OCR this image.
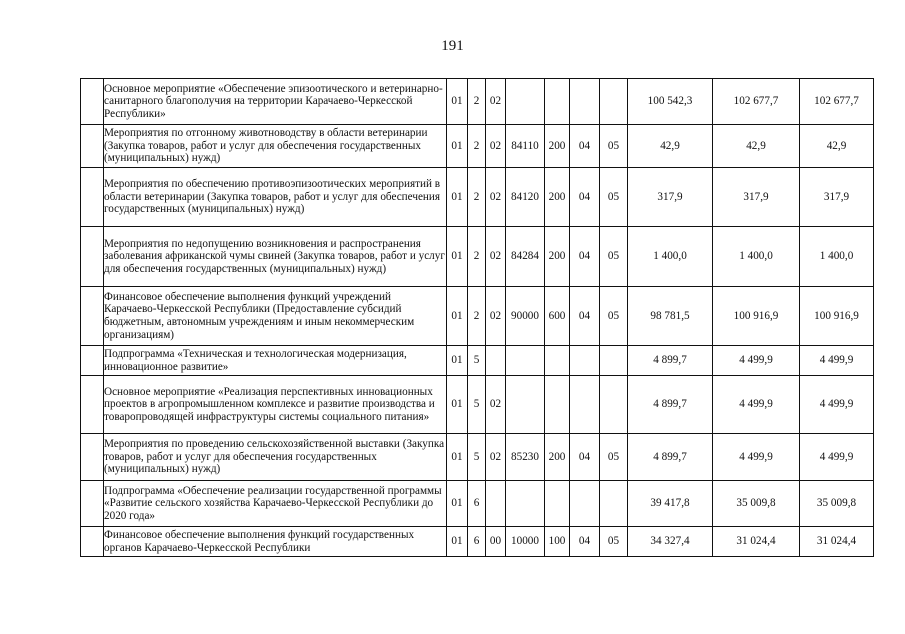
191
	Основное мероприятие «Обеспечение эпизоотического и ветеринарно-санитарного благополучия на территории Карачаево-Черкесской Республики»	01	2	02					100 542,3	102 677,7	102 677,7
	Мероприятия по отгонному животноводству в области ветеринарии (Закупка товаров, работ и услуг для обеспечения государственных (муниципальных) нужд)	01	2	02	84110	200	04	05	42,9	42,9	42,9
	Мероприятия по обеспечению противоэпизоотических мероприятий в области ветеринарии (Закупка товаров, работ и услуг для обеспечения государственных (муниципальных) нужд)	01	2	02	84120	200	04	05	317,9	317,9	317,9
	Мероприятия по недопущению возникновения и распространения заболевания африканской чумы свиней (Закупка товаров, работ и услуг для обеспечения государственных (муниципальных) нужд)	01	2	02	84284	200	04	05	1 400,0	1 400,0	1 400,0
	Финансовое обеспечение выполнения функций учреждений Карачаево-Черкесской Республики (Предоставление субсидий бюджетным, автономным учреждениям и иным некоммерческим организациям)	01	2	02	90000	600	04	05	98 781,5	100 916,9	100 916,9
	Подпрограмма «Техническая и технологическая модернизация, инновационное развитие»	01	5						4 899,7	4 499,9	4 499,9
	Основное мероприятие «Реализация перспективных инновационных проектов в агропромышленном комплексе и развитие производства и товаропроводящей инфраструктуры системы социального питания»	01	5	02					4 899,7	4 499,9	4 499,9
	Мероприятия по проведению сельскохозяйственной выставки (Закупка товаров, работ и услуг для обеспечения государственных (муниципальных) нужд)	01	5	02	85230	200	04	05	4 899,7	4 499,9	4 499,9
	Подпрограмма «Обеспечение реализации государственной программы «Развитие сельского хозяйства Карачаево-Черкесской Республики до 2020 года»	01	6						39 417,8	35 009,8	35 009,8
	Финансовое обеспечение выполнения функций государственных органов Карачаево-Черкесской Республики	01	6	00	10000	100	04	05	34 327,4	31 024,4	31 024,4
